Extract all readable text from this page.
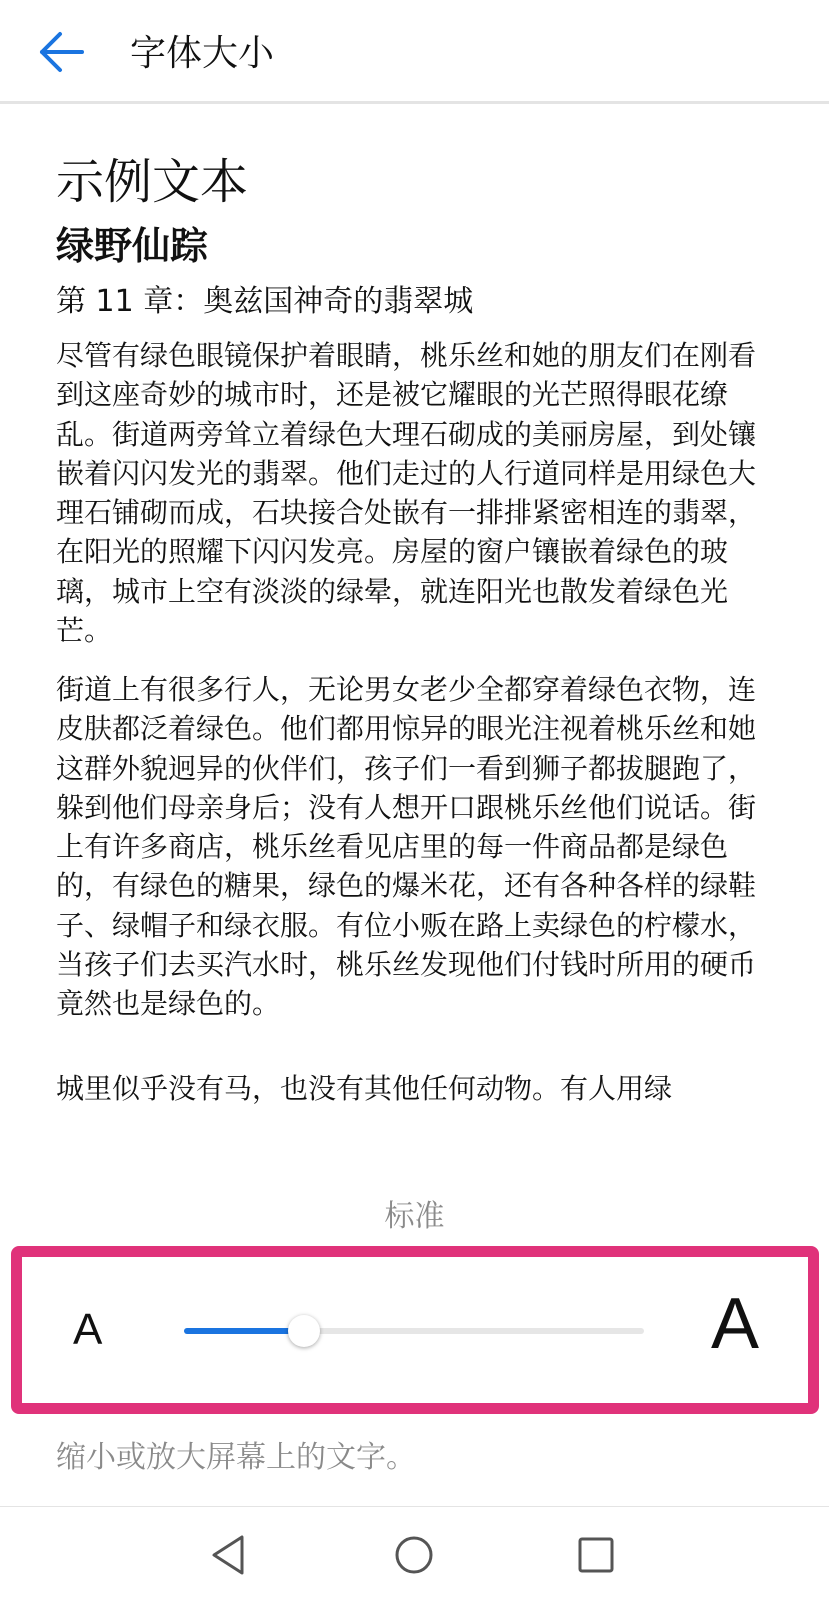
字体大小
示例文本
绿野仙踪
第 11 章：奥兹国神奇的翡翠城

尽管有绿色眼镜保护着眼睛，桃乐丝和她的朋友们在刚看到这座奇妙的城市时，还是被它耀眼的光芒照得眼花缭乱。街道两旁耸立着绿色大理石砌成的美丽房屋，到处镶嵌着闪闪发光的翡翠。他们走过的人行道同样是用绿色大理石铺砌而成，石块接合处嵌有一排排紧密相连的翡翠，在阳光的照耀下闪闪发亮。房屋的窗户镶嵌着绿色的玻璃，城市上空有淡淡的绿晕，就连阳光也散发着绿色光芒。

街道上有很多行人，无论男女老少全都穿着绿色衣物，连皮肤都泛着绿色。他们都用惊异的眼光注视着桃乐丝和她这群外貌迥异的伙伴们，孩子们一看到狮子都拔腿跑了，躲到他们母亲身后；没有人想开口跟桃乐丝他们说话。街上有许多商店，桃乐丝看见店里的每一件商品都是绿色的，有绿色的糖果，绿色的爆米花，还有各种各样的绿鞋子、绿帽子和绿衣服。有位小贩在路上卖绿色的柠檬水，当孩子们去买汽水时，桃乐丝发现他们付钱时所用的硬币竟然也是绿色的。

城里似乎没有马，也没有其他任何动物。有人用绿

标准
A	A
缩小或放大屏幕上的文字。
